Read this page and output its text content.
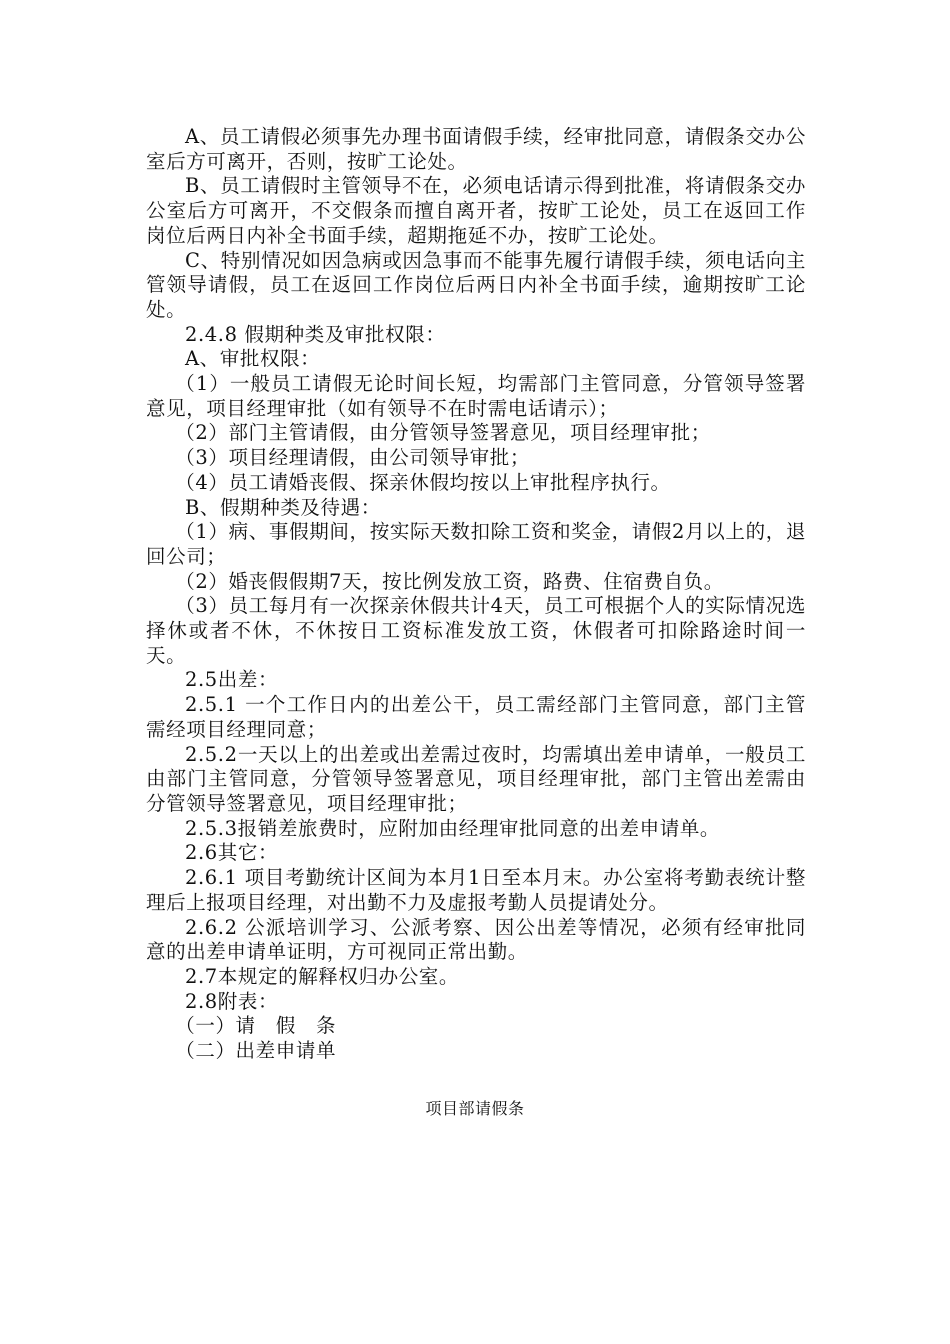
A、员工请假必须事先办理书面请假手续，经审批同意，请假条交办公室后方可离开，否则，按旷工论处。

B、员工请假时主管领导不在，必须电话请示得到批准，将请假条交办公室后方可离开，不交假条而擅自离开者，按旷工论处，员工在返回工作岗位后两日内补全书面手续，超期拖延不办，按旷工论处。

C、特别情况如因急病或因急事而不能事先履行请假手续，须电话向主管领导请假，员工在返回工作岗位后两日内补全书面手续，逾期按旷工论处。

2.4.8 假期种类及审批权限：

A、审批权限：

（1）一般员工请假无论时间长短，均需部门主管同意，分管领导签署意见，项目经理审批（如有领导不在时需电话请示）；

（2）部门主管请假，由分管领导签署意见，项目经理审批；

（3）项目经理请假，由公司领导审批；

（4）员工请婚丧假、探亲休假均按以上审批程序执行。

B、假期种类及待遇：

（1）病、事假期间，按实际天数扣除工资和奖金，请假2月以上的，退回公司；

（2）婚丧假假期7天，按比例发放工资，路费、住宿费自负。

（3）员工每月有一次探亲休假共计4天，员工可根据个人的实际情况选择休或者不休，不休按日工资标准发放工资，休假者可扣除路途时间一天。

2.5出差：

2.5.1 一个工作日内的出差公干，员工需经部门主管同意，部门主管需经项目经理同意；

2.5.2一天以上的出差或出差需过夜时，均需填出差申请单，一般员工由部门主管同意，分管领导签署意见，项目经理审批，部门主管出差需由分管领导签署意见，项目经理审批；

2.5.3报销差旅费时，应附加由经理审批同意的出差申请单。

2.6其它：

2.6.1 项目考勤统计区间为本月1日至本月末。办公室将考勤表统计整理后上报项目经理，对出勤不力及虚报考勤人员提请处分。

2.6.2 公派培训学习、公派考察、因公出差等情况，必须有经审批同意的出差申请单证明，方可视同正常出勤。

2.7本规定的解释权归办公室。

2.8附表：

（一）请　假　条

（二）出差申请单

项目部请假条
